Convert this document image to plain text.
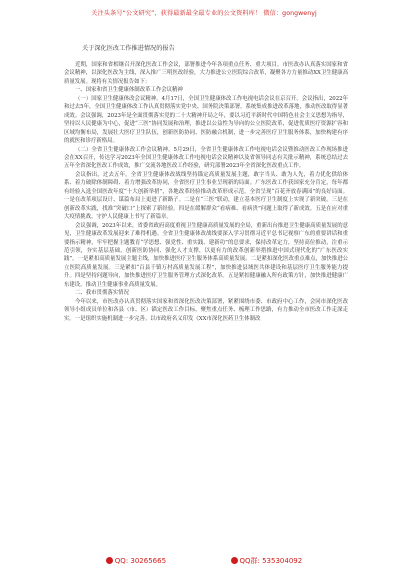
关注头条号“公文研究”，获得最新最全最专业的公文资料库！ 微信：gongwenyj
关于深化医改工作推进情况的报告

近期，国家和省相继召开深化医改工作会议，部署推进今年各项重点任务、重大项目。市医改办认真落实国家和省会议精神，以深化医改为主线，深入推广三明医改经验，大力推进公立医院综合改革，凝聚各方力量推动XX卫生健康高质量发展。现将有关情况报告如下：

一、国家和省卫生健康体制改革工作会议精神

（一）国家卫生健康体改会议精神。4月17日，全国卫生健康体改工作电视电话会议在京召开。会议指出，2022年和过去5年，全国卫生健康体改工作认真贯彻落实党中央、国务院决策部署，系统集成推进改革落地，推动医改取得显著成效。会议强调，2023年是全面贯彻落实党的二十大精神开局之年，要以习近平新时代中国特色社会主义思想为指导，坚持以人民健康为中心，促进“三医”协同发展和治理，推进以公益性为导向的公立医院改革，促进优质医疗资源扩容和区域均衡布局，发展壮大医疗卫生队伍，创新医防协同、医防融合机制，进一步完善医疗卫生服务体系，加快构建有序的就医和诊疗新格局。

（二）全省卫生健康体改工作会议精神。5月29日，全省卫生健康体改工作电视电话会议暨推动医改工作现场推进会在XX召开，传达学习2023年全国卫生健康体改工作电视电话会议精神以及省领导同志有关批示精神，系统总结过去五年全省深化医改工作成效，推广交流各地医改工作经验，研究部署2023年全省深化医改重点工作。

会议指出，过去五年，全省卫生健康体改战线坚持锚定高质量发展主题，敢字当头、敢为人先，着力优化供给体系、着力破除体制障碍、着力增强改革协同，全省医疗卫生事业呈现新的局面。广东医改工作获国家充分肯定，每年都有经验入选全国医改年度“十大创新举措”，各地改革经验推动改革形成示范。全省呈现“百花齐放春满园”的良好局面。一是在改革项层设计、谋篇布局上更进了新路子。二是在“三医”联动，建立基本医疗卫生制度上实现了新突破。三是在创新改革实践，找准“突破口”上探索了新经验。四是在缓解群众“看病难、看病贵”问题上取得了新成效。五是在应对重大疫情挑战、守护人民健康上书写了新篇章。

会议强调，2023年以来，省委省政府高度重视卫生健康高质量发展的全局，重新出台推进卫生健康高质量发展的意见，卫生健康改革发展迎来了难得机遇。全省卫生健康体改战线要深入学习贯彻习近平总书记视察广东的重要讲话和重要指示精神，牢牢把握主题教育“学思想、强党性、重实践、建新功”的总要求，保持改革定力，坚持高位推动，注重示范引领，夯实基层基础，创新医防协同、强化人才支撑，以更有力的改革创新举措推进中国式现代化的“广东医改实践”。一是紧扣高质量发展主题主线，加快推进医疗卫生服务体系高质量发展。二是紧扣深化医改重点难点，加快推进公立医院高质量发展。三是紧扣“百县千镇万村高质量发展工程”，加快推进县域医共体建设和基层医疗卫生服务能力提升。四是坚持问题导向，加快推进医疗卫生服务管理方式深化改革。五是紧扣健康融入所有政策方针，加快推进健康广东建设，推动卫生健康事业高质量发展。

二、我市贯彻落实情况

今年以来，市医改办认真贯彻落实国家和省深化医改决策部署，紧紧围绕市委、市政府中心工作，会同市深化医改领导小组成员单位和各县（市、区）锚定医改工作目标，聚焦重点任务、梳理工作思路，有力推动全市医改工作走深走实。一是组织实施机制进一步完善。以市政府名义印发《XX市深化医药卫生体制改

QQ: 30265665	QQ群: 535304092
